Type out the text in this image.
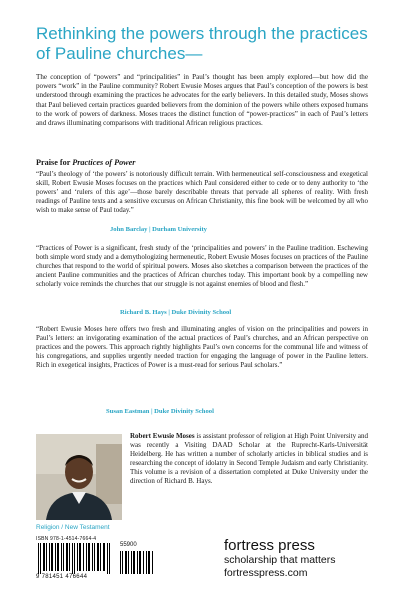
Rethinking the powers through the practices of Pauline churches—

The conception of “powers” and “principalities” in Paul’s thought has been amply explored—but how did the powers “work” in the Pauline community? Robert Ewusie Moses argues that Paul’s conception of the powers is best understood through examining the practices he advocates for the early believers. In this detailed study, Moses shows that Paul believed certain practices guarded believers from the dominion of the powers while others exposed humans to the work of powers of darkness. Moses traces the distinct function of “power-practices” in each of Paul’s letters and draws illuminating comparisons with traditional African religious practices.

Praise for Practices of Power

“Paul’s theology of ‘the powers’ is notoriously difficult terrain. With hermeneutical self-consciousness and exegetical skill, Robert Ewusie Moses focuses on the practices which Paul considered either to cede or to deny authority to ‘the powers’ and ‘rulers of this age’—those barely describable threats that pervade all spheres of reality. With fresh readings of Pauline texts and a sensitive excursus on African Christianity, this fine book will be welcomed by all who wish to make sense of Paul today.”

John Barclay | Durham University

“Practices of Power is a significant, fresh study of the ‘principalities and powers’ in the Pauline tradition. Eschewing both simple word study and a demythologizing hermeneutic, Robert Ewusie Moses focuses on practices of the Pauline churches that respond to the world of spiritual powers. Moses also sketches a comparison between the practices of the ancient Pauline communities and the practices of African churches today. This important book by a compelling new scholarly voice reminds the churches that our struggle is not against enemies of blood and flesh.”

Richard B. Hays | Duke Divinity School

“Robert Ewusie Moses here offers two fresh and illuminating angles of vision on the principalities and powers in Paul’s letters: an invigorating examination of the actual practices of Paul’s churches, and an African perspective on practices and the powers. This approach rightly highlights Paul’s own concerns for the communal life and witness of his congregations, and supplies urgently needed traction for engaging the language of power in the Pauline letters. Rich in exegetical insights, Practices of Power is a must-read for serious Paul scholars.”

Susan Eastman | Duke Divinity School

Robert Ewusie Moses is assistant professor of religion at High Point University and was recently a Visiting DAAD Scholar at the Ruprecht-Karls-Universität Heidelberg. He has written a number of scholarly articles in biblical studies and is researching the concept of idolatry in Second Temple Judaism and early Christianity. This volume is a revision of a dissertation completed at Duke University under the direction of Richard B. Hays.

Religion / New Testament
ISBN 978-1-4514-7664-4
55900
9 781451 476644
fortress press
scholarship that matters
fortresspress.com
